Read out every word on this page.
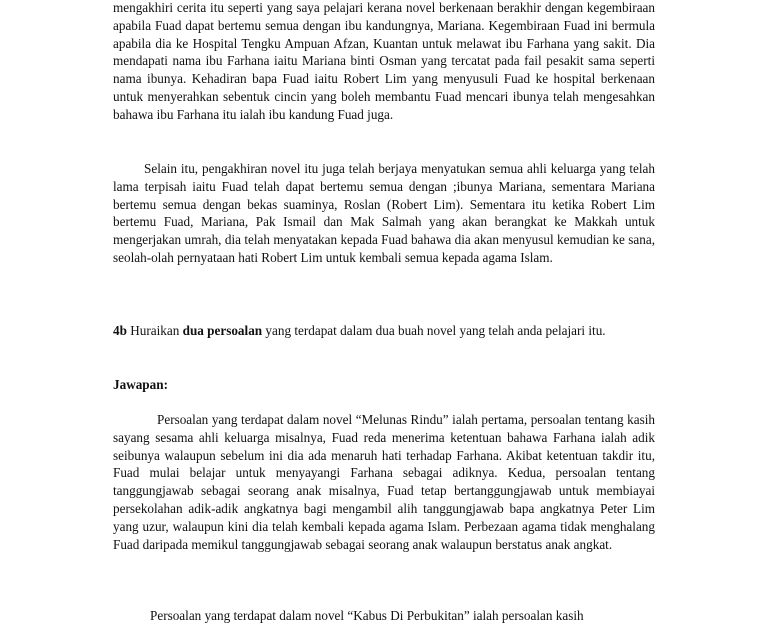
mengakhiri cerita itu seperti yang saya pelajari kerana novel berkenaan berakhir dengan kegembiraan apabila Fuad dapat bertemu semua dengan ibu kandungnya, Mariana. Kegembiraan Fuad ini bermula apabila dia ke Hospital Tengku Ampuan Afzan, Kuantan untuk melawat ibu Farhana yang sakit. Dia mendapati nama ibu Farhana iaitu Mariana binti Osman yang tercatat pada fail pesakit sama seperti nama ibunya. Kehadiran bapa Fuad iaitu Robert Lim yang menyusuli Fuad ke hospital berkenaan untuk menyerahkan sebentuk cincin yang boleh membantu Fuad mencari ibunya telah mengesahkan bahawa ibu Farhana itu ialah ibu kandung Fuad juga.

Selain itu, pengakhiran novel itu juga telah berjaya menyatukan semua ahli keluarga yang telah lama terpisah iaitu Fuad telah dapat bertemu semua dengan ;ibunya Mariana, sementara Mariana bertemu semua dengan bekas suaminya, Roslan (Robert Lim). Sementara itu ketika Robert Lim bertemu Fuad, Mariana, Pak Ismail dan Mak Salmah yang akan berangkat ke Makkah untuk mengerjakan umrah, dia telah menyatakan kepada Fuad bahawa dia akan menyusul kemudian ke sana, seolah-olah pernyataan hati Robert Lim untuk kembali semua kepada agama Islam.

4b Huraikan dua persoalan yang terdapat dalam dua buah novel yang telah anda pelajari itu.

Jawapan:

Persoalan yang terdapat dalam novel “Melunas Rindu” ialah pertama, persoalan tentang kasih sayang sesama ahli keluarga misalnya, Fuad reda menerima ketentuan bahawa Farhana ialah adik seibunya walaupun sebelum ini dia ada menaruh hati terhadap Farhana. Akibat ketentuan takdir itu, Fuad mulai belajar untuk menyayangi Farhana sebagai adiknya. Kedua, persoalan tentang tanggungjawab sebagai seorang anak misalnya, Fuad tetap bertanggungjawab untuk membiayai persekolahan adik-adik angkatnya bagi mengambil alih tanggungjawab bapa angkatnya Peter Lim yang uzur, walaupun kini dia telah kembali kepada agama Islam. Perbezaan agama tidak menghalang Fuad daripada memikul tanggungjawab sebagai seorang anak walaupun berstatus anak angkat.

Persoalan yang terdapat dalam novel “Kabus Di Perbukitan” ialah persoalan kasih
